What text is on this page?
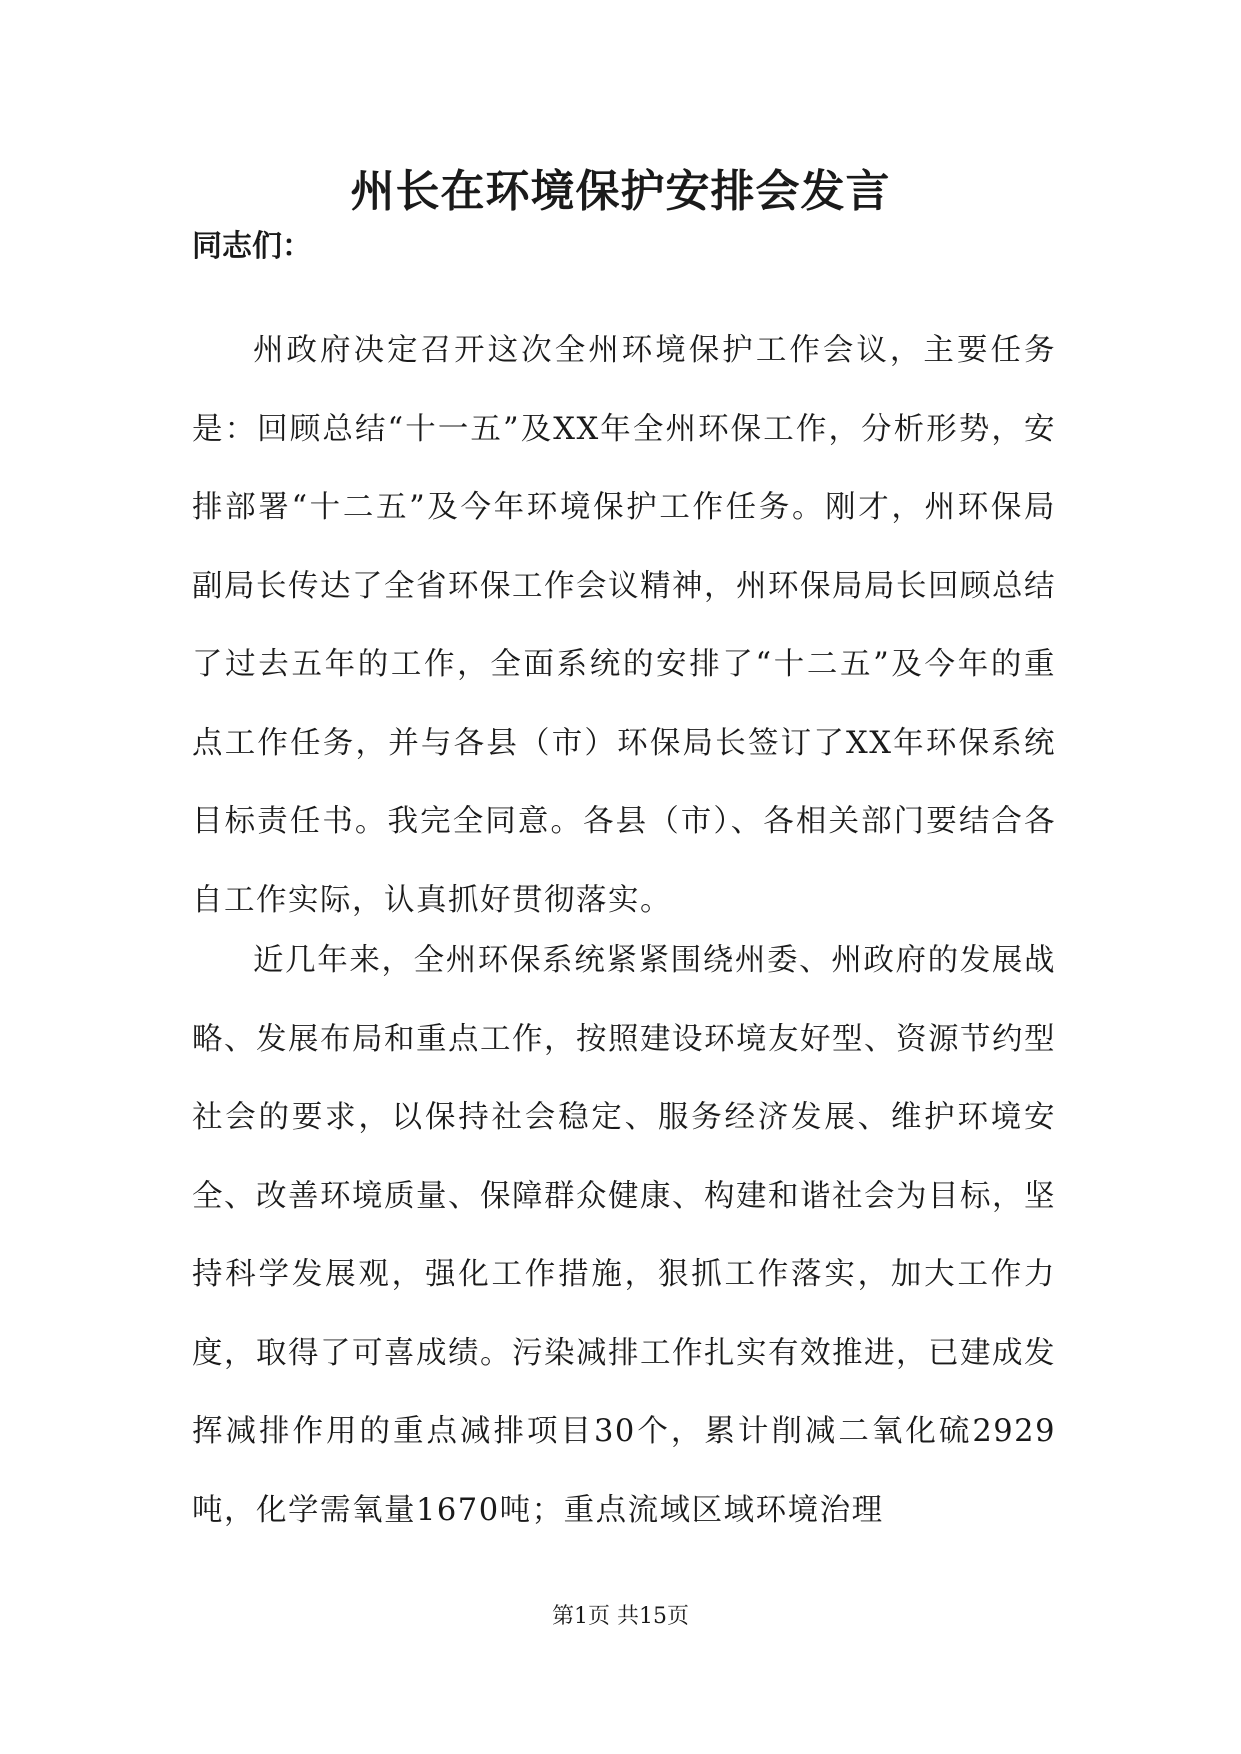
州长在环境保护安排会发言

同志们：

州政府决定召开这次全州环境保护工作会议，主要任务是：回顾总结“十一五”及XX年全州环保工作，分析形势，安排部署“十二五”及今年环境保护工作任务。刚才，州环保局副局长传达了全省环保工作会议精神，州环保局局长回顾总结了过去五年的工作，全面系统的安排了“十二五”及今年的重点工作任务，并与各县（市）环保局长签订了XX年环保系统目标责任书。我完全同意。各县（市）、各相关部门要结合各自工作实际，认真抓好贯彻落实。

近几年来，全州环保系统紧紧围绕州委、州政府的发展战略、发展布局和重点工作，按照建设环境友好型、资源节约型社会的要求，以保持社会稳定、服务经济发展、维护环境安全、改善环境质量、保障群众健康、构建和谐社会为目标，坚持科学发展观，强化工作措施，狠抓工作落实，加大工作力度，取得了可喜成绩。污染减排工作扎实有效推进，已建成发挥减排作用的重点减排项目30个，累计削减二氧化硫2929吨，化学需氧量1670吨；重点流域区域环境治理

第1页 共15页
